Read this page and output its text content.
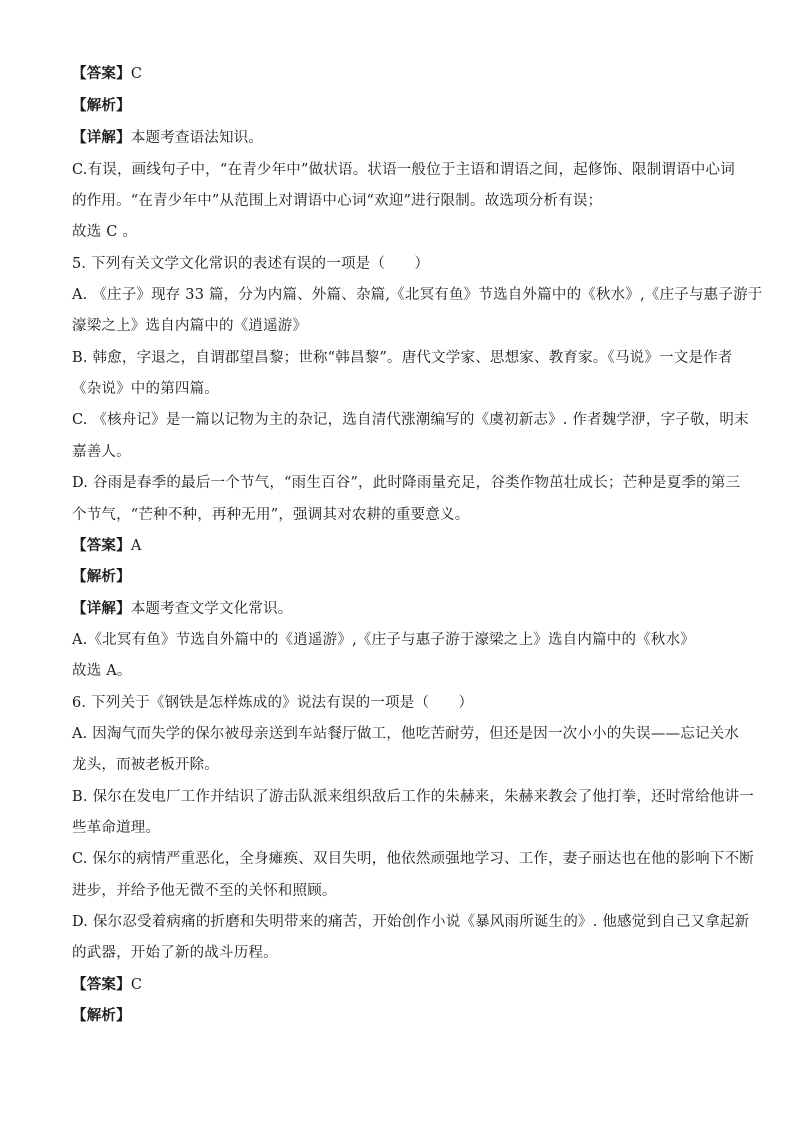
【答案】C
【解析】
【详解】本题考查语法知识。
C.有误，画线句子中，“在青少年中”做状语。状语一般位于主语和谓语之间，起修饰、限制谓语中心词
的作用。“在青少年中”从范围上对谓语中心词“欢迎”进行限制。故选项分析有误；
故选 C 。
5. 下列有关文学文化常识的表述有误的一项是（　　）
A. 《庄子》现存 33 篇，分为内篇、外篇、杂篇,《北冥有鱼》节选自外篇中的《秋水》,《庄子与惠子游于
濠梁之上》选自内篇中的《逍遥游》
B. 韩愈，字退之，自谓郡望昌黎；世称“韩昌黎”。唐代文学家、思想家、教育家。《马说》一文是作者
《杂说》中的第四篇。
C. 《核舟记》是一篇以记物为主的杂记，选自清代涨潮编写的《虞初新志》. 作者魏学洢，字子敬，明末
嘉善人。
D. 谷雨是春季的最后一个节气，“雨生百谷”，此时降雨量充足，谷类作物茁壮成长；芒种是夏季的第三
个节气，“芒种不种，再种无用”，强调其对农耕的重要意义。
【答案】A
【解析】
【详解】本题考查文学文化常识。
A.《北冥有鱼》节选自外篇中的《逍遥游》,《庄子与惠子游于濠梁之上》选自内篇中的《秋水》
故选 A。
6. 下列关于《钢铁是怎样炼成的》说法有误的一项是（　　）
A. 因淘气而失学的保尔被母亲送到车站餐厅做工，他吃苦耐劳，但还是因一次小小的失误——忘记关水
龙头，而被老板开除。
B. 保尔在发电厂工作并结识了游击队派来组织敌后工作的朱赫来，朱赫来教会了他打拳，还时常给他讲一
些革命道理。
C. 保尔的病情严重恶化，全身瘫痪、双目失明，他依然顽强地学习、工作，妻子丽达也在他的影响下不断
进步，并给予他无微不至的关怀和照顾。
D. 保尔忍受着病痛的折磨和失明带来的痛苦，开始创作小说《暴风雨所诞生的》. 他感觉到自己又拿起新
的武器，开始了新的战斗历程。
【答案】C
【解析】
